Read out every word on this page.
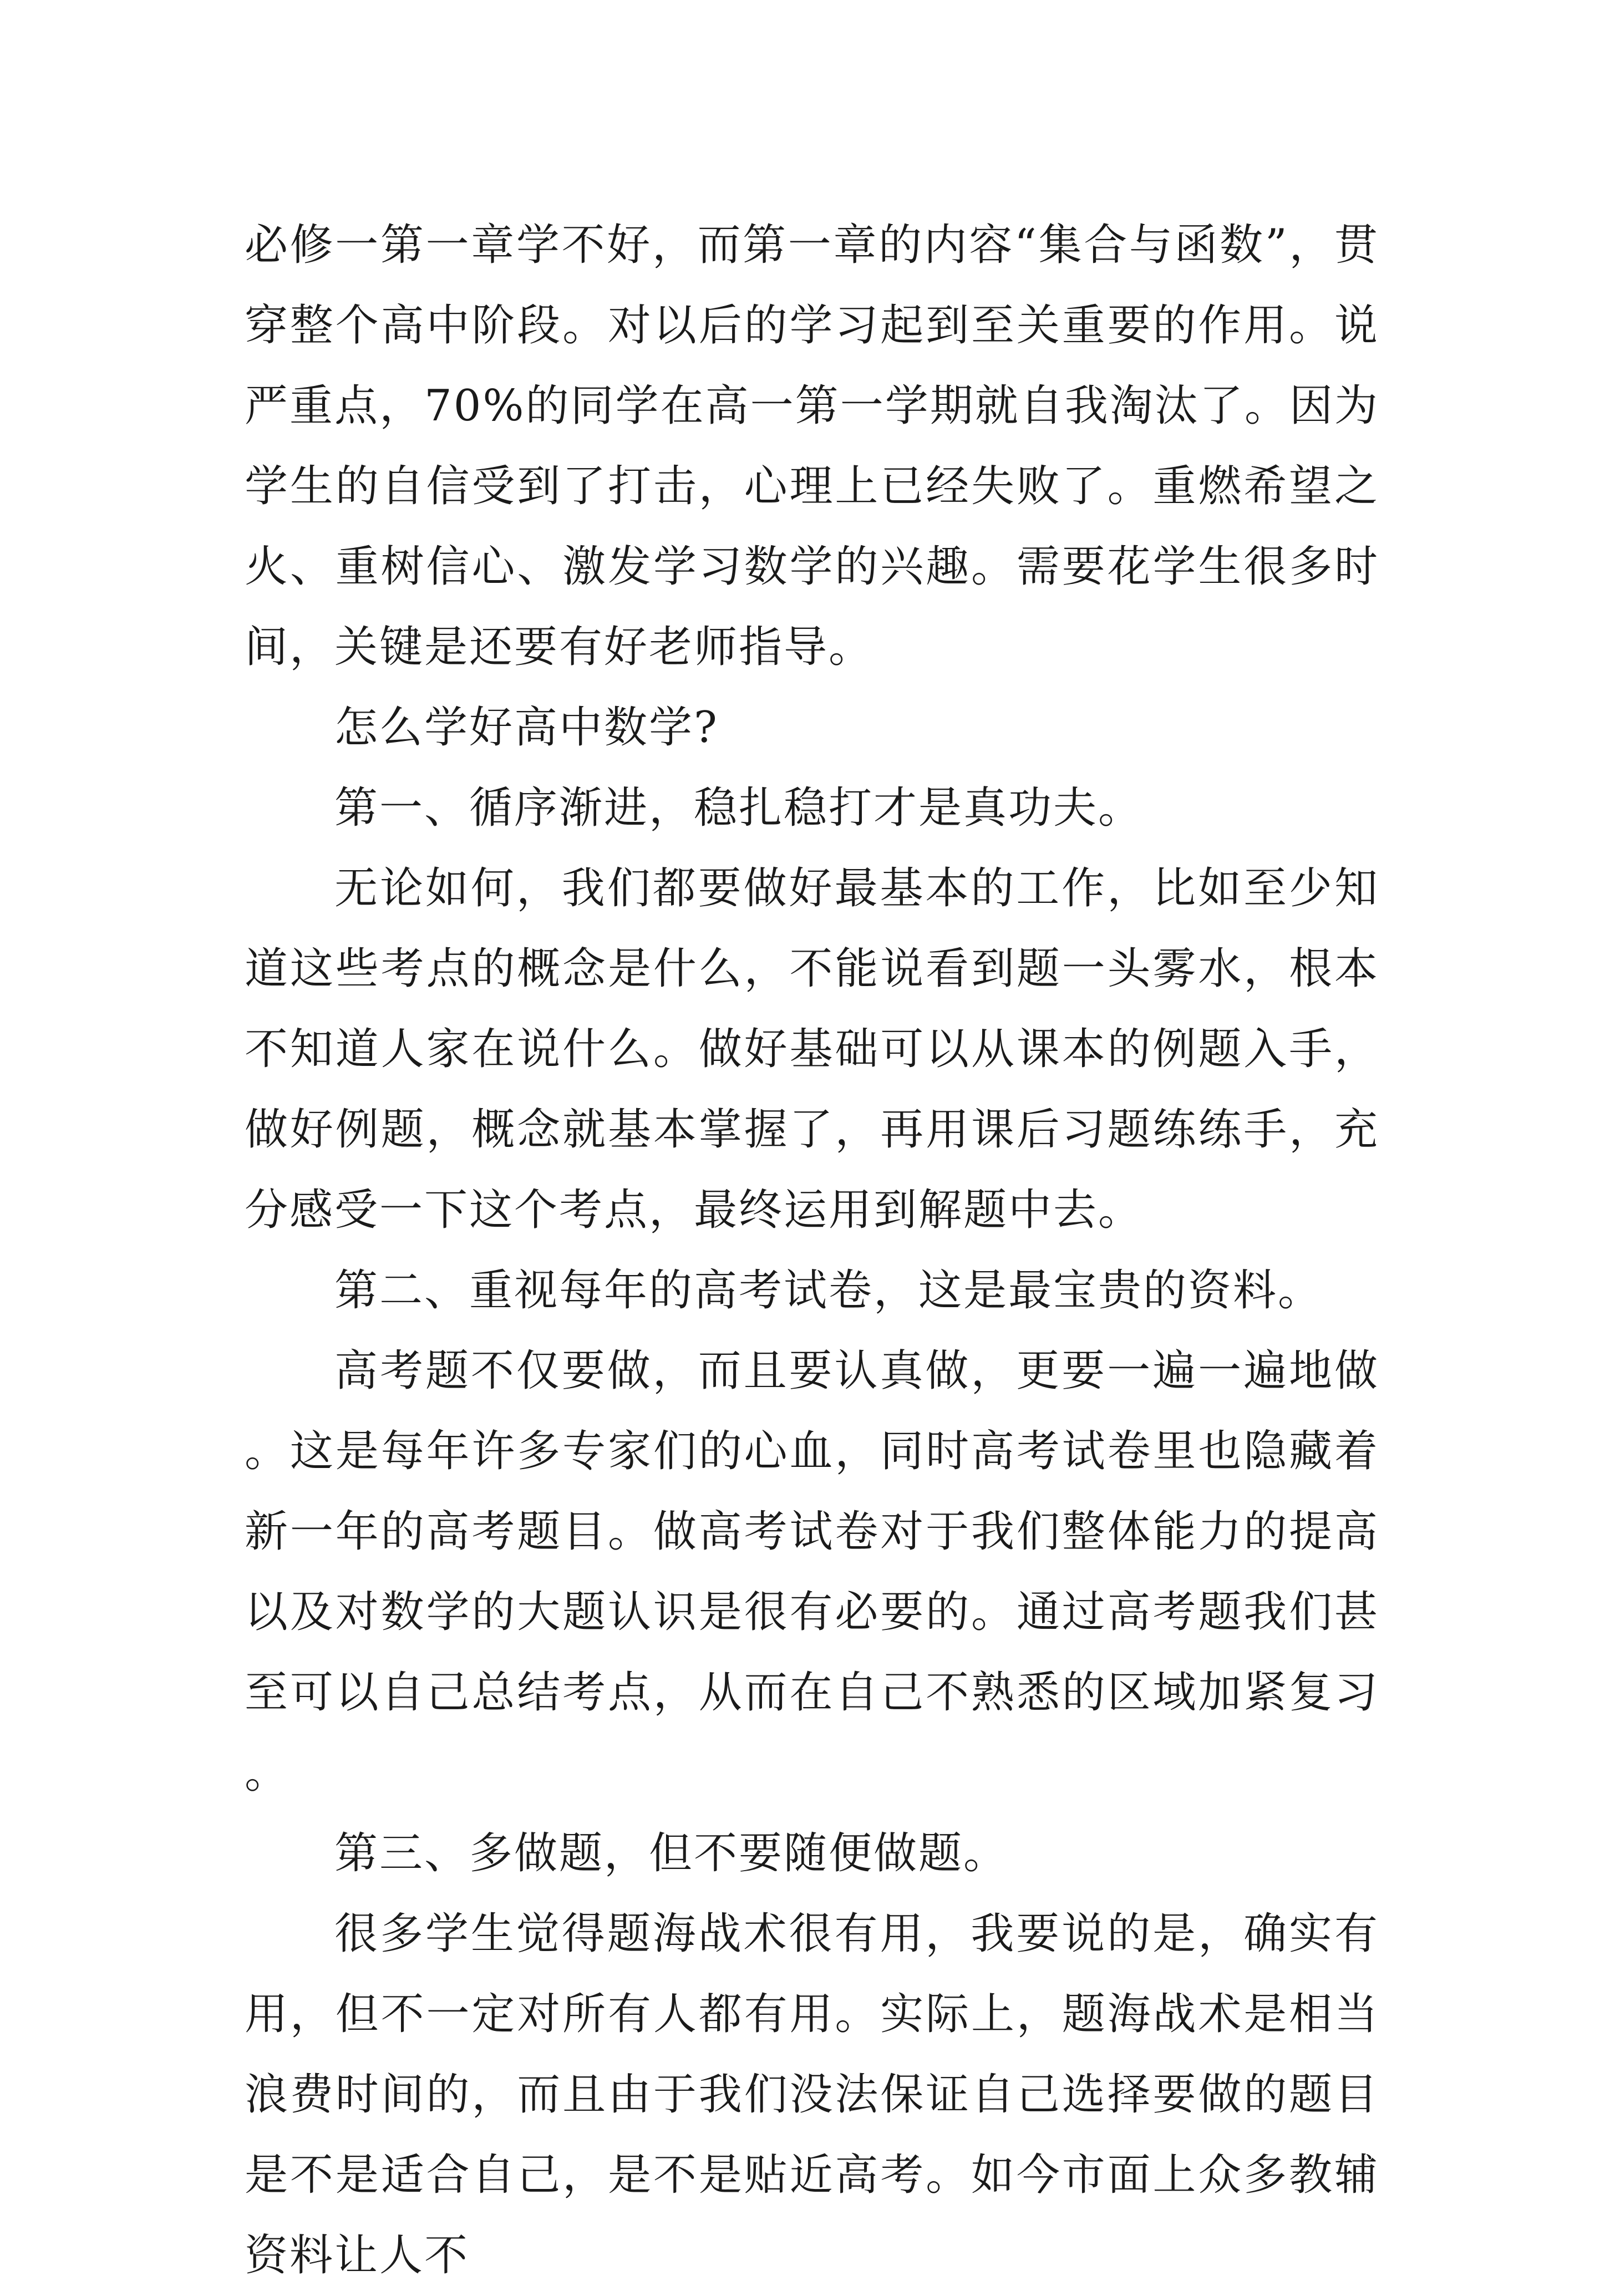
必修一第一章学不好，而第一章的内容“集合与函数”，贯穿整个高中阶段。对以后的学习起到至关重要的作用。说严重点，70%的同学在高一第一学期就自我淘汰了。因为学生的自信受到了打击，心理上已经失败了。重燃希望之火、重树信心、激发学习数学的兴趣。需要花学生很多时间，关键是还要有好老师指导。

怎么学好高中数学?

第一、循序渐进，稳扎稳打才是真功夫。

无论如何，我们都要做好最基本的工作，比如至少知道这些考点的概念是什么，不能说看到题一头雾水，根本不知道人家在说什么。做好基础可以从课本的例题入手，做好例题，概念就基本掌握了，再用课后习题练练手，充分感受一下这个考点，最终运用到解题中去。

第二、重视每年的高考试卷，这是最宝贵的资料。

高考题不仅要做，而且要认真做，更要一遍一遍地做。这是每年许多专家们的心血，同时高考试卷里也隐藏着新一年的高考题目。做高考试卷对于我们整体能力的提高以及对数学的大题认识是很有必要的。通过高考题我们甚至可以自己总结考点，从而在自己不熟悉的区域加紧复习。

第三、多做题，但不要随便做题。

很多学生觉得题海战术很有用，我要说的是，确实有用，但不一定对所有人都有用。实际上，题海战术是相当浪费时间的，而且由于我们没法保证自己选择要做的题目是不是适合自己，是不是贴近高考。如今市面上众多教辅资料让人不
